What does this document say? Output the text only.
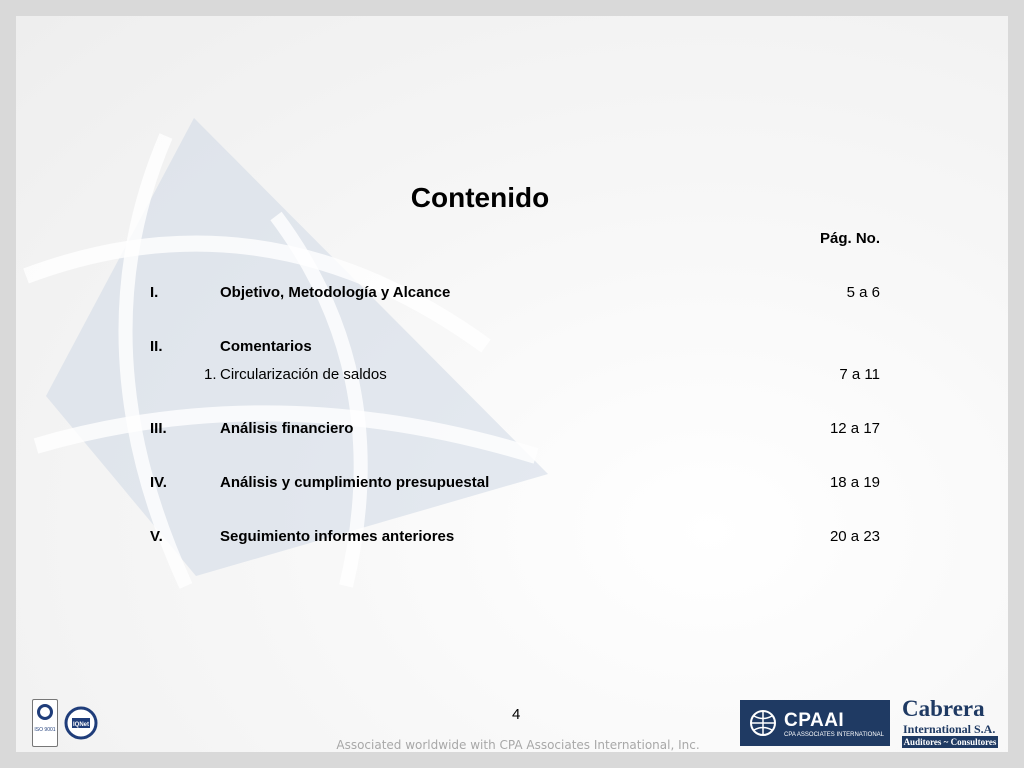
Contenido
Pág. No.
I.	Objetivo, Metodología y Alcance	5 a 6
II.	Comentarios
1. Circularización de saldos	7 a 11
III.	Análisis financiero	12 a 17
IV.	Análisis y cumplimiento presupuestal	18 a 19
V.	Seguimiento informes anteriores	20 a 23
4
Associated worldwide with CPA Associates International, Inc.
ISO 9001
IQNet	CPAAI
CPA ASSOCIATES INTERNATIONAL
Cabrera
International S.A.
Auditores ~ Consultores
